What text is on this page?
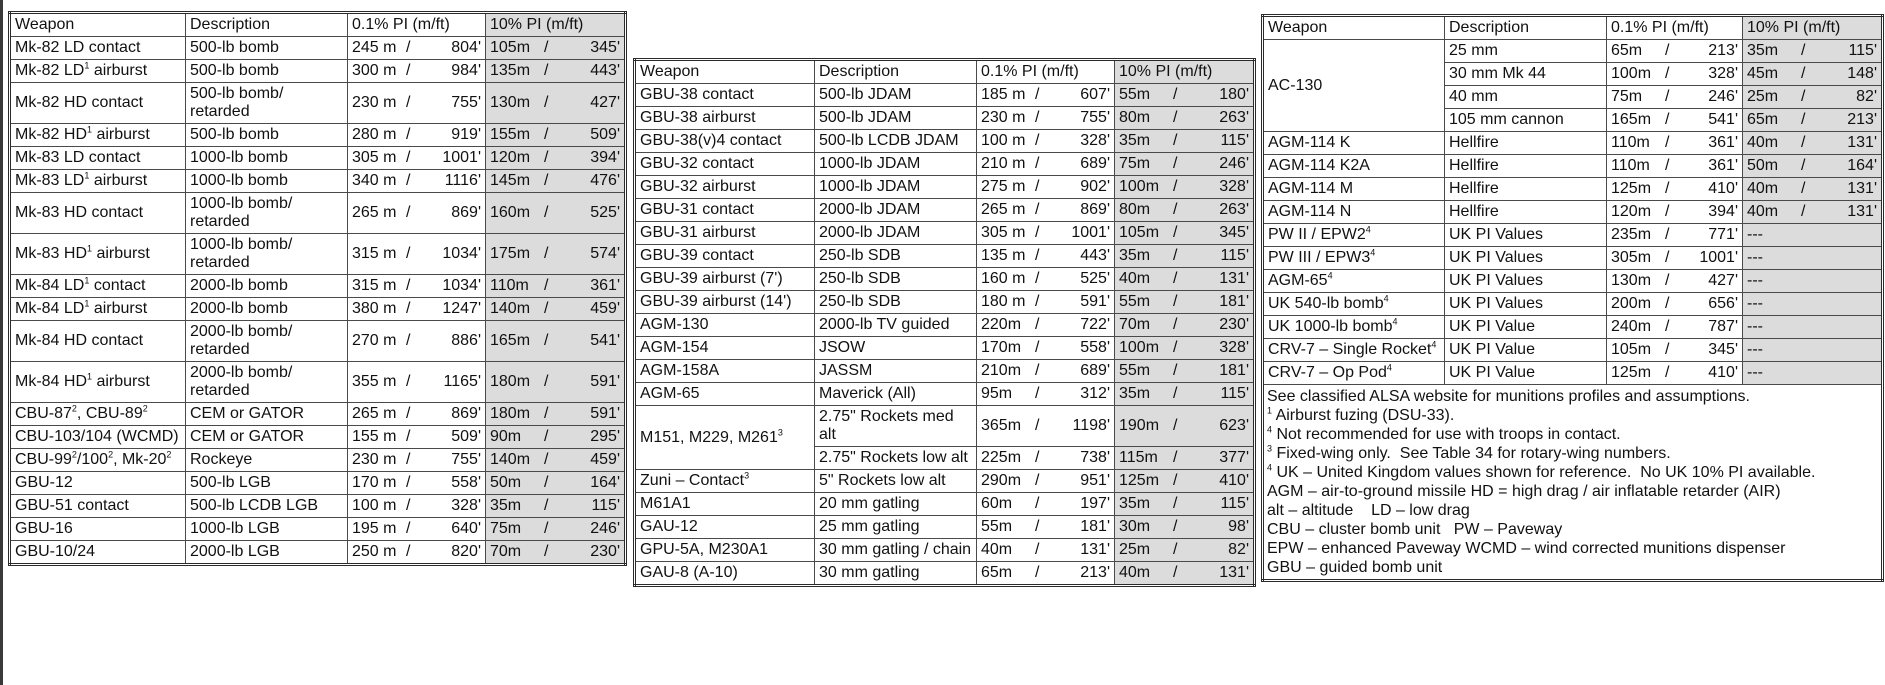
Weapon	Description	0.1% PI (m/ft)	10% PI (m/ft)
Mk-82 LD contact	500-lb bomb	245 m / 804'	105m / 345'

Mk-82 $LD^1$ airburst	500-lb bomb	300 m / 984'	135m / 443'

Mk-82 HD contact	500-lb bomb/ retarded	230 m / 755'	130m / 427'

Mk-82 $HD^1$ airburst	500-lb bomb	280 m / 919'	155m / 509'

Mk-83 LD contact	1000-lb bomb	305 m / 1001'	120m / 394'

Mk-83 $LD^1$ airburst	1000-lb bomb	340 m / 1116'	145m / 476'

Mk-83 HD contact	1000-lb bomb/ retarded	265 m / 869'	160m / 525'

Mk-83 $HD^1$ airburst	1000-lb bomb/ retarded	315 m / 1034'	175m / 574'

Mk-84 $LD^1$ contact	2000-lb bomb	315 m / 1034'	110m / 361'

Mk-84 $LD^1$ airburst	2000-lb bomb	380 m / 1247'	140m / 459'

Mk-84 HD contact	2000-lb bomb/ retarded	270 m / 886'	165m / 541'

Mk-84 $HD^1$ airburst	2000-lb bomb/ retarded	355 m / 1165'	180m / 591'

CBU-$87^2$, CBU-$89^2$	CEM or GATOR	265 m / 869'	180m / 591'

CBU-103/104 (WCMD)	CEM or GATOR	155 m / 509'	90m / 295'

CBU-$99^2/100^2$, $Mk-20^2$	Rockeye	230 m / 755'	140m / 459'

GBU-12	500-lb LGB	170 m / 558'	50m / 164'

GBU-51 contact	500-lb LCDB LGB	100 m / 328'	35m / 115'

GBU-16	1000-lb LGB	195 m / 640'	75m / 246'

GBU-10/24	2000-lb LGB	250 m / 820'	70m / 230'
Weapon	Description	0.1% PI (m/ft)	10% PI (m/ft)
GBU-38 contact	500-lb JDAM	185 m / 607'	55m / 180'

GBU-38 airburst	500-lb JDAM	230 m / 755'	80m / 263'

GBU-38(v)4 contact	500-lb LCDB JDAM	100 m / 328'	35m / 115'

GBU-32 contact	1000-lb JDAM	210 m / 689'	75m / 246'

GBU-32 airburst	1000-lb JDAM	275 m / 902'	100m / 328'

GBU-31 contact	2000-lb JDAM	265 m / 869'	80m / 263'

GBU-31 airburst	2000-lb JDAM	305 m / 1001'	105m / 345'

GBU-39 contact	250-lb SDB	135 m / 443'	35m / 115'

GBU-39 airburst (7')	250-lb SDB	160 m / 525'	40m / 131'

GBU-39 airburst (14')	250-lb SDB	180 m / 591'	55m / 181'

AGM-130	2000-lb TV guided	220m / 722'	70m / 230'

AGM-154	JSOW	170m / 558'	100m / 328'

AGM-158A	JASSM	210m / 689'	55m / 181'

AGM-65	Maverick (All)	95m / 312'	35m / 115'

M151, M229, $M261^3$	2.75" Rockets med alt	365m / 1198'	190m / 623'

	2.75" Rockets low alt	225m / 738'	115m / 377'

Zuni – Contact$^3$	5" Rockets low alt	290m / 951'	125m / 410'

M61A1	20 mm gatling	60m / 197'	35m / 115'

GAU-12	25 mm gatling	55m / 181'	30m / 98'

GPU-5A, M230A1	30 mm gatling / chain	40m / 131'	25m / 82'

GAU-8 (A-10)	30 mm gatling	65m / 213'	40m / 131'
Weapon	Description	0.1% PI (m/ft)	10% PI (m/ft)
AC-130	25 mm	65m / 213'	35m / 115'

	30 mm Mk 44	100m / 328'	45m / 148'

	40 mm	75m / 246'	25m / 82'

	105 mm cannon	165m / 541'	65m / 213'

AGM-114 K	Hellfire	110m / 361'	40m / 131'

AGM-114 K2A	Hellfire	110m / 361'	50m / 164'

AGM-114 M	Hellfire	125m / 410'	40m / 131'

AGM-114 N	Hellfire	120m / 394'	40m / 131'

PW II / $EPW2^4$	UK PI Values	235m / 771'	---
PW III / $EPW3^4$	UK PI Values	305m / 1001'	---
AGM-$65^4$	UK PI Values	130m / 427'	---
UK 540-lb bomb$^4$	UK PI Values	200m / 656'	---
UK 1000-lb bomb$^4$	UK PI Value	240m / 787'	---
CRV-7 – Single Rocket$^4$	UK PI Value	105m / 345'	---
CRV-7 – Op Pod$^4$	UK PI Value	125m / 410'	---

See classified ALSA website for munitions profiles and assumptions.
$^1$ Airburst fuzing (DSU-33).
$^4$ Not recommended for use with troops in contact.
$^3$ Fixed-wing only.  See Table 34 for rotary-wing numbers.
$^4$ UK – United Kingdom values shown for reference.  No UK 10% PI available.
AGM – air-to-ground missile HD = high drag / air inflatable retarder (AIR)
alt – altitude    LD – low drag
CBU – cluster bomb unit   PW – Paveway
EPW – enhanced Paveway WCMD – wind corrected munitions dispenser
GBU – guided bomb unit
